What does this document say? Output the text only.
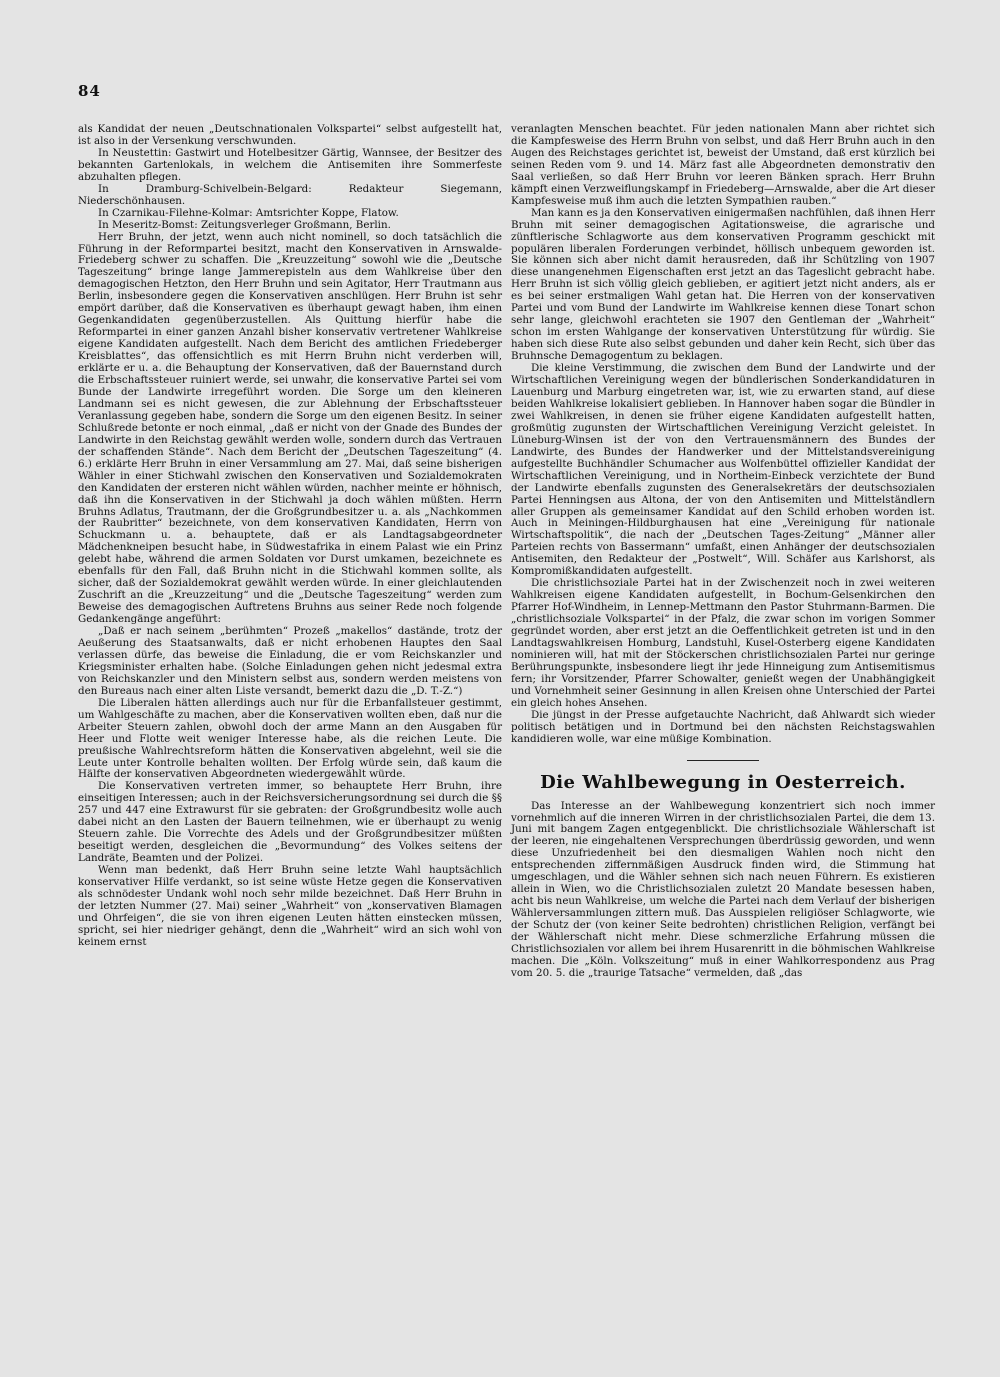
84

als Kandidat der neuen „Deutschnationalen Volkspartei“ selbst aufgestellt hat, ist also in der Versenkung verschwunden.

In Neustettin: Gastwirt und Hotelbesitzer Gärtig, Wannsee, der Besitzer des bekannten Gartenlokals, in welchem die Antisemiten ihre Sommerfeste abzuhalten pflegen.

In Dramburg-Schivelbein-Belgard: Redakteur Siegemann, Niederschönhausen.

In Czarnikau-Filehne-Kolmar: Amtsrichter Koppe, Flatow.

In Meseritz-Bomst: Zeitungsverleger Großmann, Berlin.

Herr Bruhn, der jetzt, wenn auch nicht nominell, so doch tatsächlich die Führung in der Reformpartei besitzt, macht den Konservativen in Arnswalde-Friedeberg schwer zu schaffen. Die „Kreuzzeitung“ sowohl wie die „Deutsche Tageszeitung“ bringe lange Jammerepisteln aus dem Wahlkreise über den demagogischen Hetzton, den Herr Bruhn und sein Agitator, Herr Trautmann aus Berlin, insbesondere gegen die Konservativen anschlügen. Herr Bruhn ist sehr empört darüber, daß die Konservativen es überhaupt gewagt haben, ihm einen Gegenkandidaten gegenüberzustellen. Als Quittung hierfür habe die Reformpartei in einer ganzen Anzahl bisher konservativ vertretener Wahlkreise eigene Kandidaten aufgestellt. Nach dem Bericht des amtlichen Friedeberger Kreisblattes“, das offensichtlich es mit Herrn Bruhn nicht verderben will, erklärte er u. a. die Behauptung der Konservativen, daß der Bauernstand durch die Erbschaftssteuer ruiniert werde, sei unwahr, die konservative Partei sei vom Bunde der Landwirte irregeführt worden. Die Sorge um den kleineren Landmann sei es nicht gewesen, die zur Ablehnung der Erbschaftssteuer Veranlassung gegeben habe, sondern die Sorge um den eigenen Besitz. In seiner Schlußrede betonte er noch einmal, „daß er nicht von der Gnade des Bundes der Landwirte in den Reichstag gewählt werden wolle, sondern durch das Vertrauen der schaffenden Stände“. Nach dem Bericht der „Deutschen Tageszeitung“ (4. 6.) erklärte Herr Bruhn in einer Versammlung am 27. Mai, daß seine bisherigen Wähler in einer Stichwahl zwischen den Konservativen und Sozialdemokraten den Kandidaten der ersteren nicht wählen würden, nachher meinte er höhnisch, daß ihn die Konservativen in der Stichwahl ja doch wählen müßten. Herrn Bruhns Adlatus, Trautmann, der die Großgrundbesitzer u. a. als „Nachkommen der Raubritter“ bezeichnete, von dem konservativen Kandidaten, Herrn von Schuckmann u. a. behauptete, daß er als Landtagsabgeordneter Mädchenkneipen besucht habe, in Südwestafrika in einem Palast wie ein Prinz gelebt habe, während die armen Soldaten vor Durst umkamen, bezeichnete es ebenfalls für den Fall, daß Bruhn nicht in die Stichwahl kommen sollte, als sicher, daß der Sozialdemokrat gewählt werden würde. In einer gleichlautenden Zuschrift an die „Kreuzzeitung“ und die „Deutsche Tageszeitung“ werden zum Beweise des demagogischen Auftretens Bruhns aus seiner Rede noch folgende Gedankengänge angeführt:

„Daß er nach seinem „berühmten“ Prozeß „makellos“ dastände, trotz der Aeußerung des Staatsanwalts, daß er nicht erhobenen Hauptes den Saal verlassen dürfe, das beweise die Einladung, die er vom Reichskanzler und Kriegsminister erhalten habe. (Solche Einladungen gehen nicht jedesmal extra von Reichskanzler und den Ministern selbst aus, sondern werden meistens von den Bureaus nach einer alten Liste versandt, bemerkt dazu die „D. T.-Z.“)

Die Liberalen hätten allerdings auch nur für die Erbanfallsteuer gestimmt, um Wahlgeschäfte zu machen, aber die Konservativen wollten eben, daß nur die Arbeiter Steuern zahlen, obwohl doch der arme Mann an den Ausgaben für Heer und Flotte weit weniger Interesse habe, als die reichen Leute. Die preußische Wahlrechtsreform hätten die Konservativen abgelehnt, weil sie die Leute unter Kontrolle behalten wollten. Der Erfolg würde sein, daß kaum die Hälfte der konservativen Abgeordneten wiedergewählt würde.

Die Konservativen vertreten immer, so behauptete Herr Bruhn, ihre einseitigen Interessen; auch in der Reichsversicherungsordnung sei durch die §§ 257 und 447 eine Extrawurst für sie gebraten: der Großgrundbesitz wolle auch dabei nicht an den Lasten der Bauern teilnehmen, wie er überhaupt zu wenig Steuern zahle. Die Vorrechte des Adels und der Großgrundbesitzer müßten beseitigt werden, desgleichen die „Bevormundung“ des Volkes seitens der Landräte, Beamten und der Polizei.

Wenn man bedenkt, daß Herr Bruhn seine letzte Wahl hauptsächlich konservativer Hilfe verdankt, so ist seine wüste Hetze gegen die Konservativen als schnödester Undank wohl noch sehr milde bezeichnet. Daß Herr Bruhn in der letzten Nummer (27. Mai) seiner „Wahrheit“ von „konservativen Blamagen und Ohrfeigen“, die sie von ihren eigenen Leuten hätten einstecken müssen, spricht, sei hier niedriger gehängt, denn die „Wahrheit“ wird an sich wohl von keinem ernst

veranlagten Menschen beachtet. Für jeden nationalen Mann aber richtet sich die Kampfesweise des Herrn Bruhn von selbst, und daß Herr Bruhn auch in den Augen des Reichstages gerichtet ist, beweist der Umstand, daß erst kürzlich bei seinen Reden vom 9. und 14. März fast alle Abgeordneten demonstrativ den Saal verließen, so daß Herr Bruhn vor leeren Bänken sprach. Herr Bruhn kämpft einen Verzweiflungskampf in Friedeberg—Arnswalde, aber die Art dieser Kampfesweise muß ihm auch die letzten Sympathien rauben.“

Man kann es ja den Konservativen einigermaßen nachfühlen, daß ihnen Herr Bruhn mit seiner demagogischen Agitationsweise, die agrarische und zünftlerische Schlagworte aus dem konservativen Programm geschickt mit populären liberalen Forderungen verbindet, höllisch unbequem geworden ist. Sie können sich aber nicht damit herausreden, daß ihr Schützling von 1907 diese unangenehmen Eigenschaften erst jetzt an das Tageslicht gebracht habe. Herr Bruhn ist sich völlig gleich geblieben, er agitiert jetzt nicht anders, als er es bei seiner erstmaligen Wahl getan hat. Die Herren von der konservativen Partei und vom Bund der Landwirte im Wahlkreise kennen diese Tonart schon sehr lange, gleichwohl erachteten sie 1907 den Gentleman der „Wahrheit“ schon im ersten Wahlgange der konservativen Unterstützung für würdig. Sie haben sich diese Rute also selbst gebunden und daher kein Recht, sich über das Bruhnsche Demagogentum zu beklagen.

Die kleine Verstimmung, die zwischen dem Bund der Landwirte und der Wirtschaftlichen Vereinigung wegen der bündlerischen Sonderkandidaturen in Lauenburg und Marburg eingetreten war, ist, wie zu erwarten stand, auf diese beiden Wahlkreise lokalisiert geblieben. In Hannover haben sogar die Bündler in zwei Wahlkreisen, in denen sie früher eigene Kandidaten aufgestellt hatten, großmütig zugunsten der Wirtschaftlichen Vereinigung Verzicht geleistet. In Lüneburg-Winsen ist der von den Vertrauensmännern des Bundes der Landwirte, des Bundes der Handwerker und der Mittelstandsvereinigung aufgestellte Buchhändler Schumacher aus Wolfenbüttel offizieller Kandidat der Wirtschaftlichen Vereinigung, und in Northeim-Einbeck verzichtete der Bund der Landwirte ebenfalls zugunsten des Generalsekretärs der deutschsozialen Partei Henningsen aus Altona, der von den Antisemiten und Mittelständlern aller Gruppen als gemeinsamer Kandidat auf den Schild erhoben worden ist. Auch in Meiningen-Hildburghausen hat eine „Vereinigung für nationale Wirtschaftspolitik“, die nach der „Deutschen Tages-Zeitung“ „Männer aller Parteien rechts von Bassermann“ umfaßt, einen Anhänger der deutschsozialen Antisemiten, den Redakteur der „Postwelt“, Will. Schäfer aus Karlshorst, als Kompromißkandidaten aufgestellt.

Die christlichsoziale Partei hat in der Zwischenzeit noch in zwei weiteren Wahlkreisen eigene Kandidaten aufgestellt, in Bochum-Gelsenkirchen den Pfarrer Hof-Windheim, in Lennep-Mettmann den Pastor Stuhrmann-Barmen. Die „christlichsoziale Volkspartei“ in der Pfalz, die zwar schon im vorigen Sommer gegründet worden, aber erst jetzt an die Oeffentlichkeit getreten ist und in den Landtagswahlkreisen Homburg, Landstuhl, Kusel-Osterberg eigene Kandidaten nominieren will, hat mit der Stöckerschen christlichsozialen Partei nur geringe Berührungspunkte, insbesondere liegt ihr jede Hinneigung zum Antisemitismus fern; ihr Vorsitzender, Pfarrer Schowalter, genießt wegen der Unabhängigkeit und Vornehmheit seiner Gesinnung in allen Kreisen ohne Unterschied der Partei ein gleich hohes Ansehen.

Die jüngst in der Presse aufgetauchte Nachricht, daß Ahlwardt sich wieder politisch betätigen und in Dortmund bei den nächsten Reichstagswahlen kandidieren wolle, war eine müßige Kombination.

Die Wahlbewegung in Oesterreich.

Das Interesse an der Wahlbewegung konzentriert sich noch immer vornehmlich auf die inneren Wirren in der christlichsozialen Partei, die dem 13. Juni mit bangem Zagen entgegenblickt. Die christlichsoziale Wählerschaft ist der leeren, nie eingehaltenen Versprechungen überdrüssig geworden, und wenn diese Unzufriedenheit bei den diesmaligen Wahlen noch nicht den entsprechenden ziffernmäßigen Ausdruck finden wird, die Stimmung hat umgeschlagen, und die Wähler sehnen sich nach neuen Führern. Es existieren allein in Wien, wo die Christlichsozialen zuletzt 20 Mandate besessen haben, acht bis neun Wahlkreise, um welche die Partei nach dem Verlauf der bisherigen Wählerversammlungen zittern muß. Das Ausspielen religiöser Schlagworte, wie der Schutz der (von keiner Seite bedrohten) christlichen Religion, verfängt bei der Wählerschaft nicht mehr. Diese schmerzliche Erfahrung müssen die Christlichsozialen vor allem bei ihrem Husarenritt in die böhmischen Wahlkreise machen. Die „Köln. Volkszeitung“ muß in einer Wahlkorrespondenz aus Prag vom 20. 5. die „traurige Tatsache“ vermelden, daß „das
